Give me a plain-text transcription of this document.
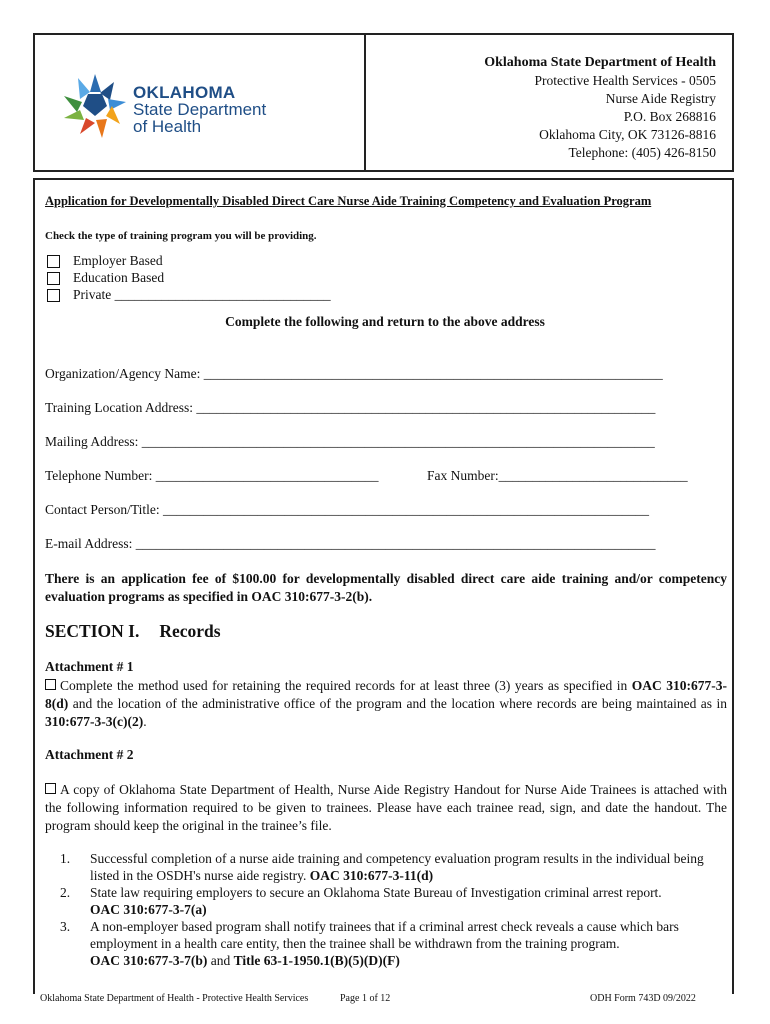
OKLAHOMA
State Department
of Health
Oklahoma State Department of Health
Protective Health Services - 0505
Nurse Aide Registry
P.O. Box 268816
Oklahoma City, OK 73126-8816
Telephone: (405) 426-8150
Application for Developmentally Disabled Direct Care Nurse Aide Training Competency and Evaluation Program
Check the type of training program you will be providing.
Employer Based
Education Based
Private ________________________________
Complete the following and return to the above address
Organization/Agency Name: ____________________________________________________________________
Training Location Address: ____________________________________________________________________
Mailing Address: ____________________________________________________________________________
Telephone Number: _________________________________	Fax Number:____________________________
Contact Person/Title: ________________________________________________________________________
E-mail Address: _____________________________________________________________________________
There is an application fee of $100.00 for developmentally disabled direct care aide training and/or competency evaluation programs as specified in OAC 310:677-3-2(b).
SECTION I. Records
Attachment # 1
Complete the method used for retaining the required records for at least three (3) years as specified in OAC 310:677-3-8(d) and the location of the administrative office of the program and the location where records are being maintained as in 310:677-3-3(c)(2).
Attachment # 2
A copy of Oklahoma State Department of Health, Nurse Aide Registry Handout for Nurse Aide Trainees is attached with the following information required to be given to trainees. Please have each trainee read, sign, and date the handout. The program should keep the original in the trainee’s file.
1.	Successful completion of a nurse aide training and competency evaluation program results in the individual being listed in the OSDH's nurse aide registry. OAC 310:677-3-11(d)
2.	State law requiring employers to secure an Oklahoma State Bureau of Investigation criminal arrest report.
OAC 310:677-3-7(a)
3.	A non-employer based program shall notify trainees that if a criminal arrest check reveals a cause which bars employment in a health care entity, then the trainee shall be withdrawn from the training program.
OAC 310:677-3-7(b) and Title 63-1-1950.1(B)(5)(D)(F)
Oklahoma State Department of Health - Protective Health Services	Page 1 of 12	ODH Form 743D 09/2022
